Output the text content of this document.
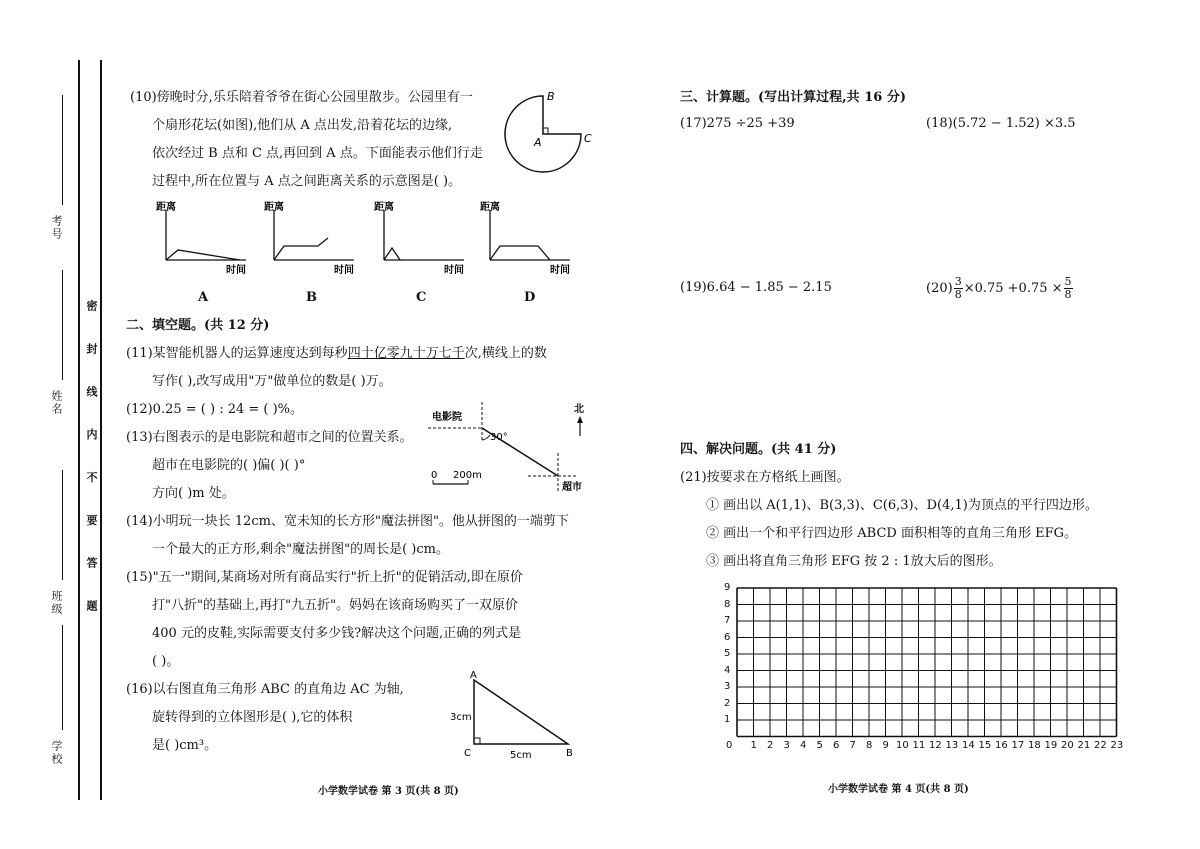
考号
姓名
班级
学校
密 封 线 内 不 要 答 题
(10)傍晚时分,乐乐陪着爷爷在街心公园里散步。公园里有一
个扇形花坛(如图),他们从 A 点出发,沿着花坛的边缘,
依次经过 B 点和 C 点,再回到 A 点。下面能表示他们行走
过程中,所在位置与 A 点之间距离关系的示意图是( )。
B
A	C
距离
时间
距离
时间
距离
时间
距离
时间
A	B	C	D
二、填空题。(共 12 分)
(11)某智能机器人的运算速度达到每秒四十亿零九十万七千次,横线上的数
写作( ),改写成用"万"做单位的数是( )万。
(12)0.25 = ( ) : 24 = ( )%。
(13)右图表示的是电影院和超市之间的位置关系。
超市在电影院的( )偏( )( )°
方向( )m 处。
电影院
30°
北
0 200m
超市
(14)小明玩一块长 12cm、宽未知的长方形"魔法拼图"。他从拼图的一端剪下
一个最大的正方形,剩余"魔法拼图"的周长是( )cm。
(15)"五一"期间,某商场对所有商品实行"折上折"的促销活动,即在原价
打"八折"的基础上,再打"九五折"。妈妈在该商场购买了一双原价
400 元的皮鞋,实际需要支付多少钱?解决这个问题,正确的列式是
( )。
(16)以右图直角三角形 ABC 的直角边 AC 为轴,
旋转得到的立体图形是( ),它的体积
是( )cm³。
A
C	B
3cm
5cm
小学数学试卷 第 3 页(共 8 页)
三、计算题。(写出计算过程,共 16 分)
(17)275 ÷25 +39	(18)(5.72 − 1.52) ×3.5
(19)6.64 − 1.85 − 2.15	$(20) \frac{3}{8} \times 0.75 +0.75 \times \frac{5}{8}$
四、解决问题。(共 41 分)
(21)按要求在方格纸上画图。
① 画出以 A(1,1)、B(3,3)、C(6,3)、D(4,1)为顶点的平行四边形。
② 画出一个和平行四边形 ABCD 面积相等的直角三角形 EFG。
③ 画出将直角三角形 EFG 按 2 : 1放大后的图形。
0 1 2 3 4 5 6 7 8 9 10 11 12 13 14 15 16 17 18 19 20 21 22 23
1
2
3
4
5
6
7
8
9
小学数学试卷 第 4 页(共 8 页)
